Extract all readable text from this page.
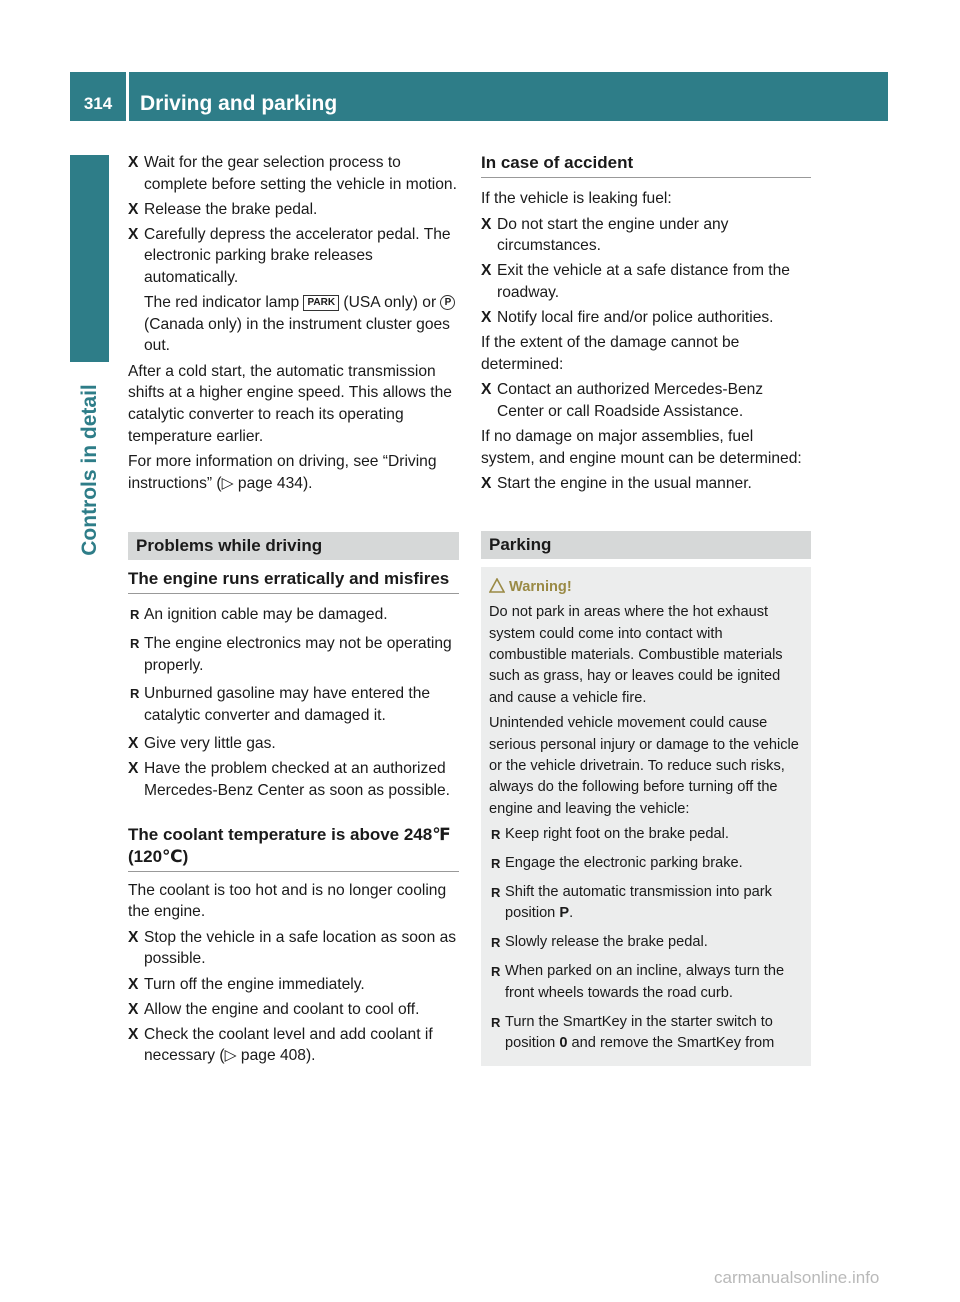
314	Driving and parking
Controls in detail

X Wait for the gear selection process to complete before setting the vehicle in motion.

X Release the brake pedal.

X Carefully depress the accelerator pedal. The electronic parking brake releases automatically.

The red indicator lamp PARK (USA only) or P (Canada only) in the instrument cluster goes out.

After a cold start, the automatic transmission shifts at a higher engine speed. This allows the catalytic converter to reach its operating temperature earlier.

For more information on driving, see “Driving instructions” (▷ page 434).

Problems while driving
The engine runs erratically and misfires

R An ignition cable may be damaged.

R The engine electronics may not be operating properly.

R Unburned gasoline may have entered the catalytic converter and damaged it.

X Give very little gas.

X Have the problem checked at an authorized Mercedes-Benz Center as soon as possible.

The coolant temperature is above 248℉ (120℃)

The coolant is too hot and is no longer cooling the engine.

X Stop the vehicle in a safe location as soon as possible.

X Turn off the engine immediately.

X Allow the engine and coolant to cool off.

X Check the coolant level and add coolant if necessary (▷ page 408).

In case of accident

If the vehicle is leaking fuel:

X Do not start the engine under any circumstances.

X Exit the vehicle at a safe distance from the roadway.

X Notify local fire and/or police authorities.

If the extent of the damage cannot be determined:

X Contact an authorized Mercedes-Benz Center or call Roadside Assistance.

If no damage on major assemblies, fuel system, and engine mount can be determined:

X Start the engine in the usual manner.

Parking
Warning!

Do not park in areas where the hot exhaust system could come into contact with combustible materials. Combustible materials such as grass, hay or leaves could be ignited and cause a vehicle fire.

Unintended vehicle movement could cause serious personal injury or damage to the vehicle or the vehicle drivetrain. To reduce such risks, always do the following before turning off the engine and leaving the vehicle:

R Keep right foot on the brake pedal.

R Engage the electronic parking brake.

R Shift the automatic transmission into park position P.

R Slowly release the brake pedal.

R When parked on an incline, always turn the front wheels towards the road curb.

R Turn the SmartKey in the starter switch to position 0 and remove the SmartKey from

carmanualsonline.info
